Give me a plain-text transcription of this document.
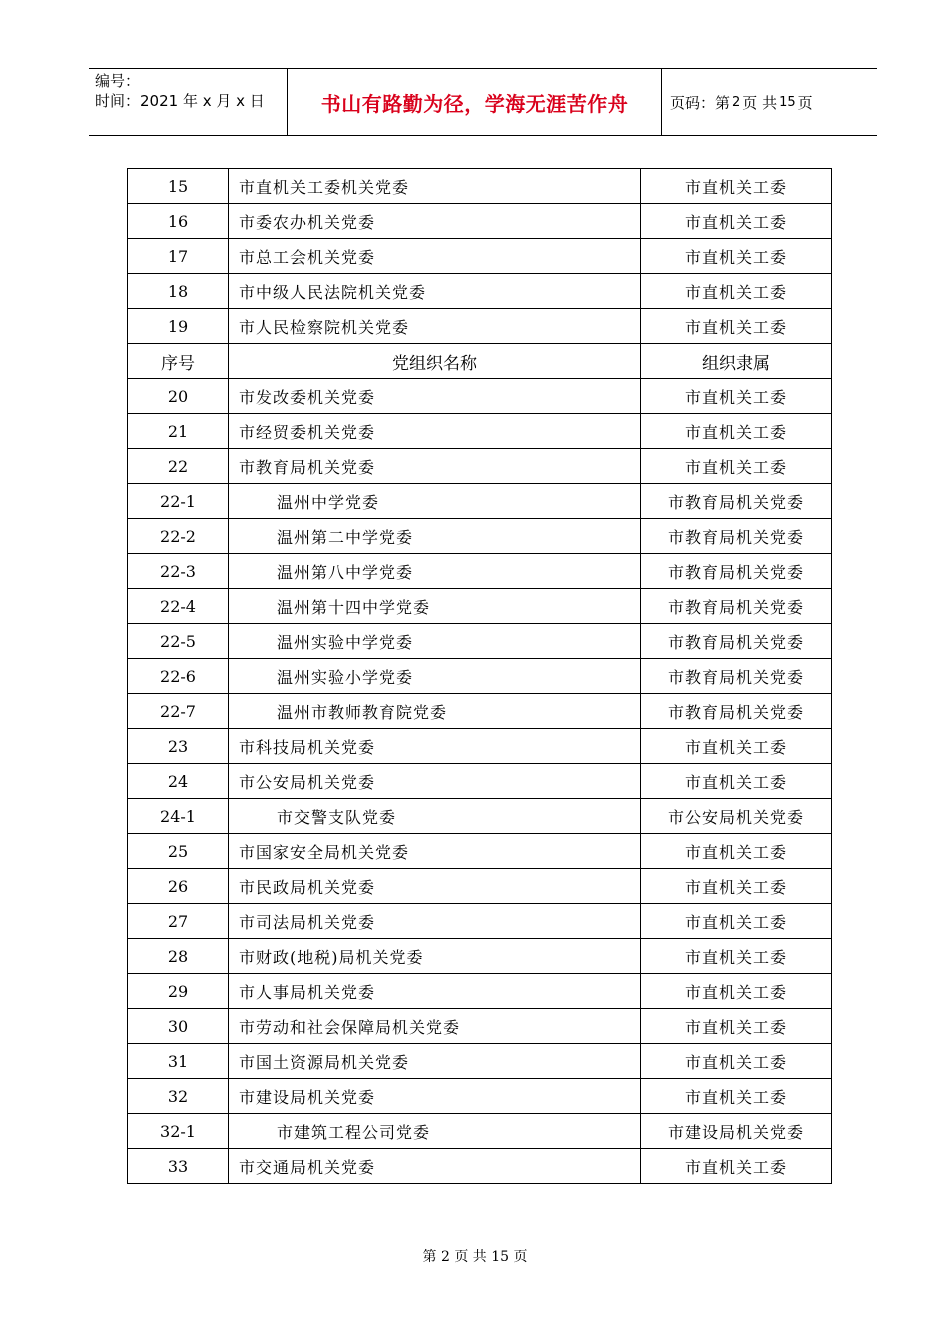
编号：
时间：2021 年 x 月 x 日	书山有路勤为径，学海无涯苦作舟	页码：第 2 页 共 15 页
15	市直机关工委机关党委	市直机关工委
16	市委农办机关党委	市直机关工委
17	市总工会机关党委	市直机关工委
18	市中级人民法院机关党委	市直机关工委
19	市人民检察院机关党委	市直机关工委
序号	党组织名称	组织隶属
20	市发改委机关党委	市直机关工委
21	市经贸委机关党委	市直机关工委
22	市教育局机关党委	市直机关工委
22-1	温州中学党委	市教育局机关党委
22-2	温州第二中学党委	市教育局机关党委
22-3	温州第八中学党委	市教育局机关党委
22-4	温州第十四中学党委	市教育局机关党委
22-5	温州实验中学党委	市教育局机关党委
22-6	温州实验小学党委	市教育局机关党委
22-7	温州市教师教育院党委	市教育局机关党委
23	市科技局机关党委	市直机关工委
24	市公安局机关党委	市直机关工委
24-1	市交警支队党委	市公安局机关党委
25	市国家安全局机关党委	市直机关工委
26	市民政局机关党委	市直机关工委
27	市司法局机关党委	市直机关工委
28	市财政(地税)局机关党委	市直机关工委
29	市人事局机关党委	市直机关工委
30	市劳动和社会保障局机关党委	市直机关工委
31	市国土资源局机关党委	市直机关工委
32	市建设局机关党委	市直机关工委
32-1	市建筑工程公司党委	市建设局机关党委
33	市交通局机关党委	市直机关工委
第 2 页 共 15 页
